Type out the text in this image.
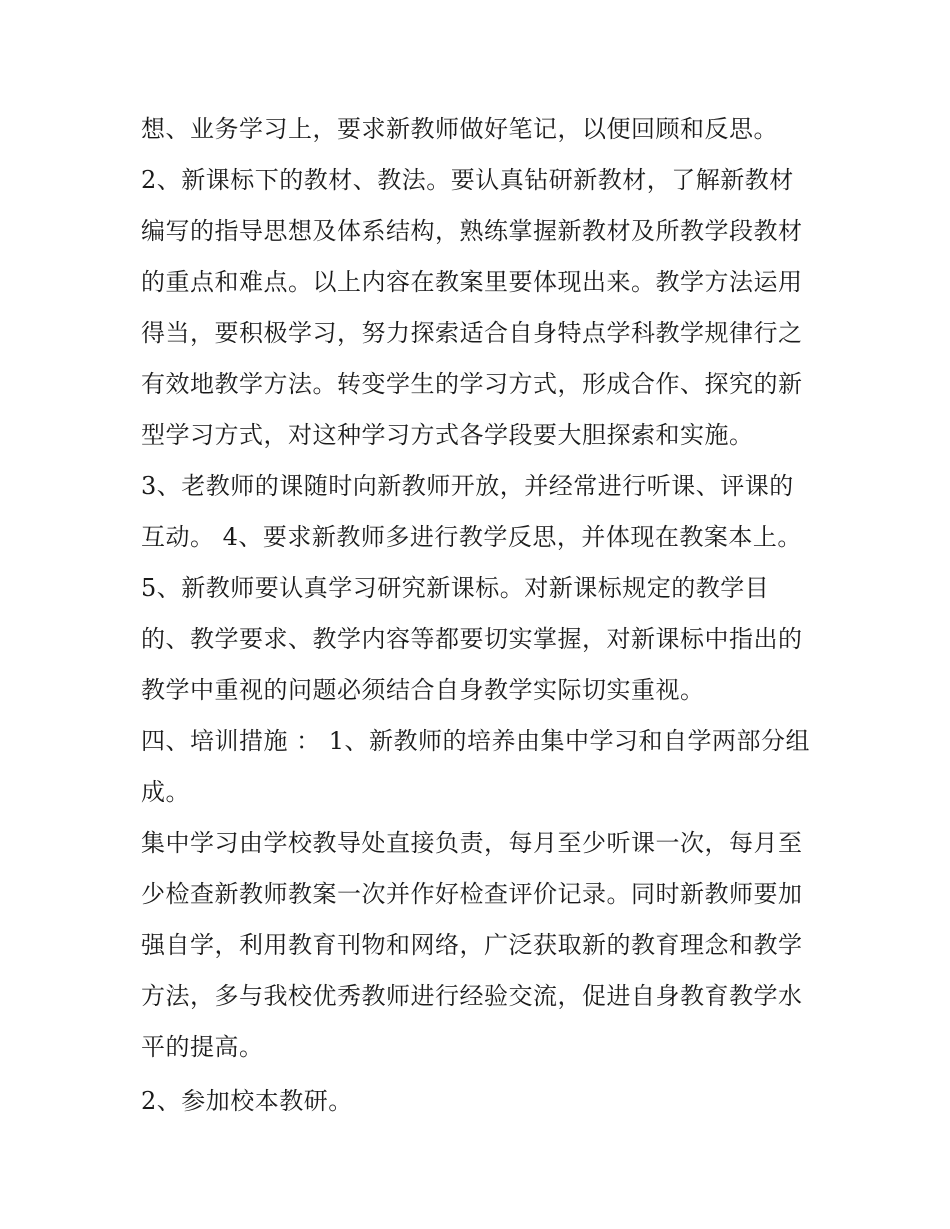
想、业务学习上，要求新教师做好笔记，以便回顾和反思。
2、新课标下的教材、教法。要认真钻研新教材，了解新教材
编写的指导思想及体系结构，熟练掌握新教材及所教学段教材
的重点和难点。以上内容在教案里要体现出来。教学方法运用
得当，要积极学习，努力探索适合自身特点学科教学规律行之
有效地教学方法。转变学生的学习方式，形成合作、探究的新
型学习方式，对这种学习方式各学段要大胆探索和实施。
3、老教师的课随时向新教师开放，并经常进行听课、评课的
互动。 4、要求新教师多进行教学反思，并体现在教案本上。
5、新教师要认真学习研究新课标。对新课标规定的教学目
的、教学要求、教学内容等都要切实掌握，对新课标中指出的
教学中重视的问题必须结合自身教学实际切实重视。
四、培训措施 ： 1、新教师的培养由集中学习和自学两部分组
成。
集中学习由学校教导处直接负责，每月至少听课一次，每月至
少检查新教师教案一次并作好检查评价记录。同时新教师要加
强自学，利用教育刊物和网络，广泛获取新的教育理念和教学
方法，多与我校优秀教师进行经验交流，促进自身教育教学水
平的提高。
2、参加校本教研。
